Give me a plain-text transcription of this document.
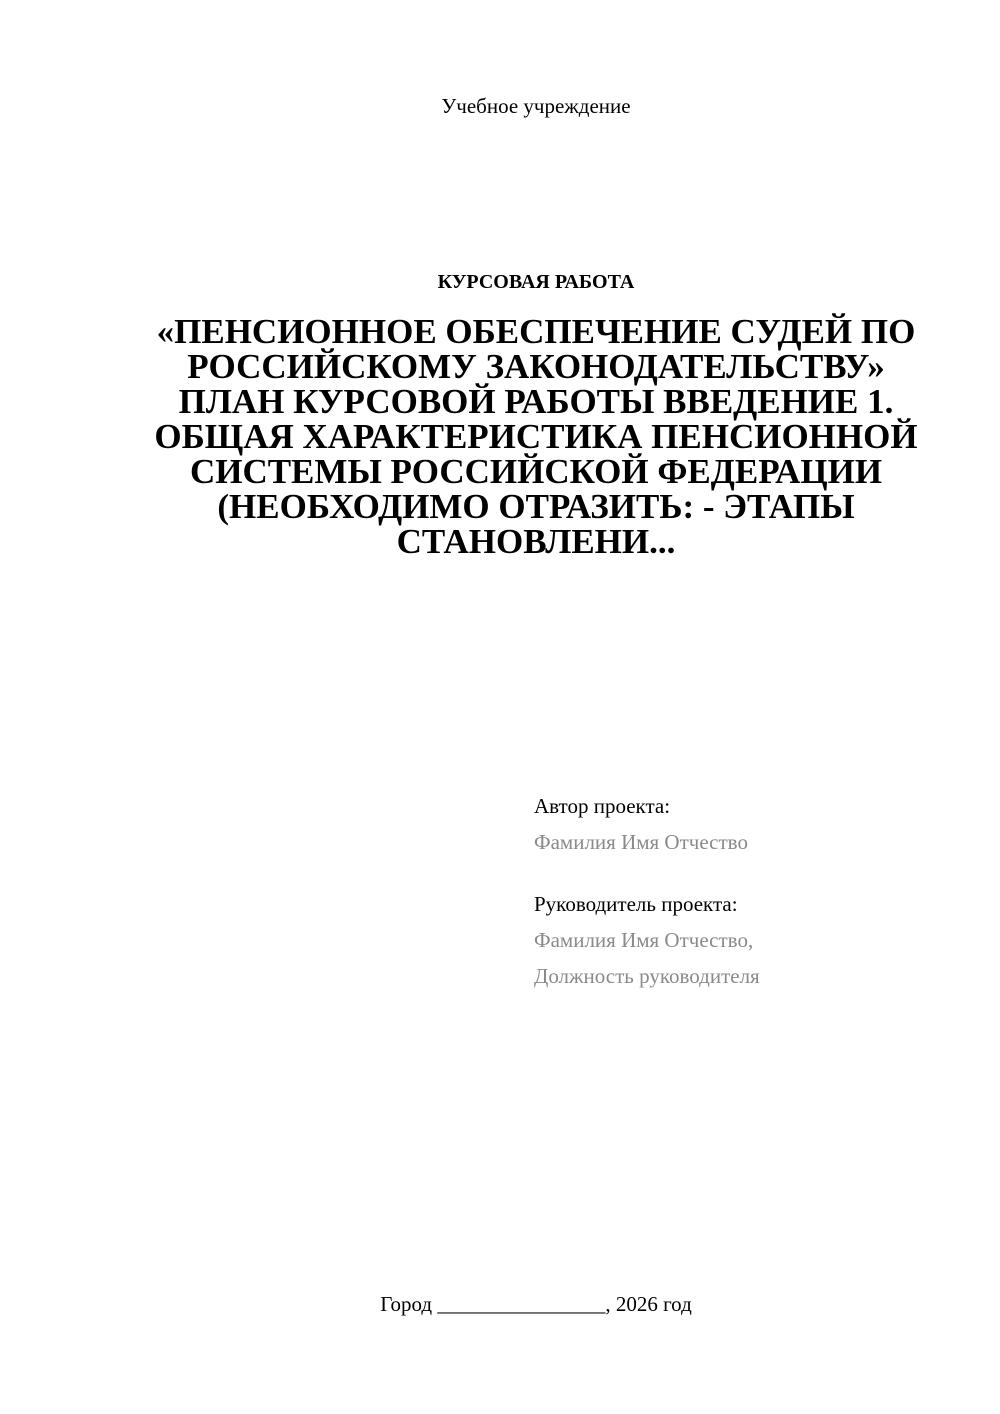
Учебное учреждение
КУРСОВАЯ РАБОТА
«ПЕНСИОННОЕ ОБЕСПЕЧЕНИЕ СУДЕЙ ПО РОССИЙСКОМУ ЗАКОНОДАТЕЛЬСТВУ» ПЛАН КУРСОВОЙ РАБОТЫ ВВЕДЕНИЕ 1. ОБЩАЯ ХАРАКТЕРИСТИКА ПЕНСИОННОЙ СИСТЕМЫ РОССИЙСКОЙ ФЕДЕРАЦИИ (НЕОБХОДИМО ОТРАЗИТЬ: - ЭТАПЫ СТАНОВЛЕНИ...
Автор проекта:
Фамилия Имя Отчество
Руководитель проекта:
Фамилия Имя Отчество,
Должность руководителя
Город ________________, 2026 год
